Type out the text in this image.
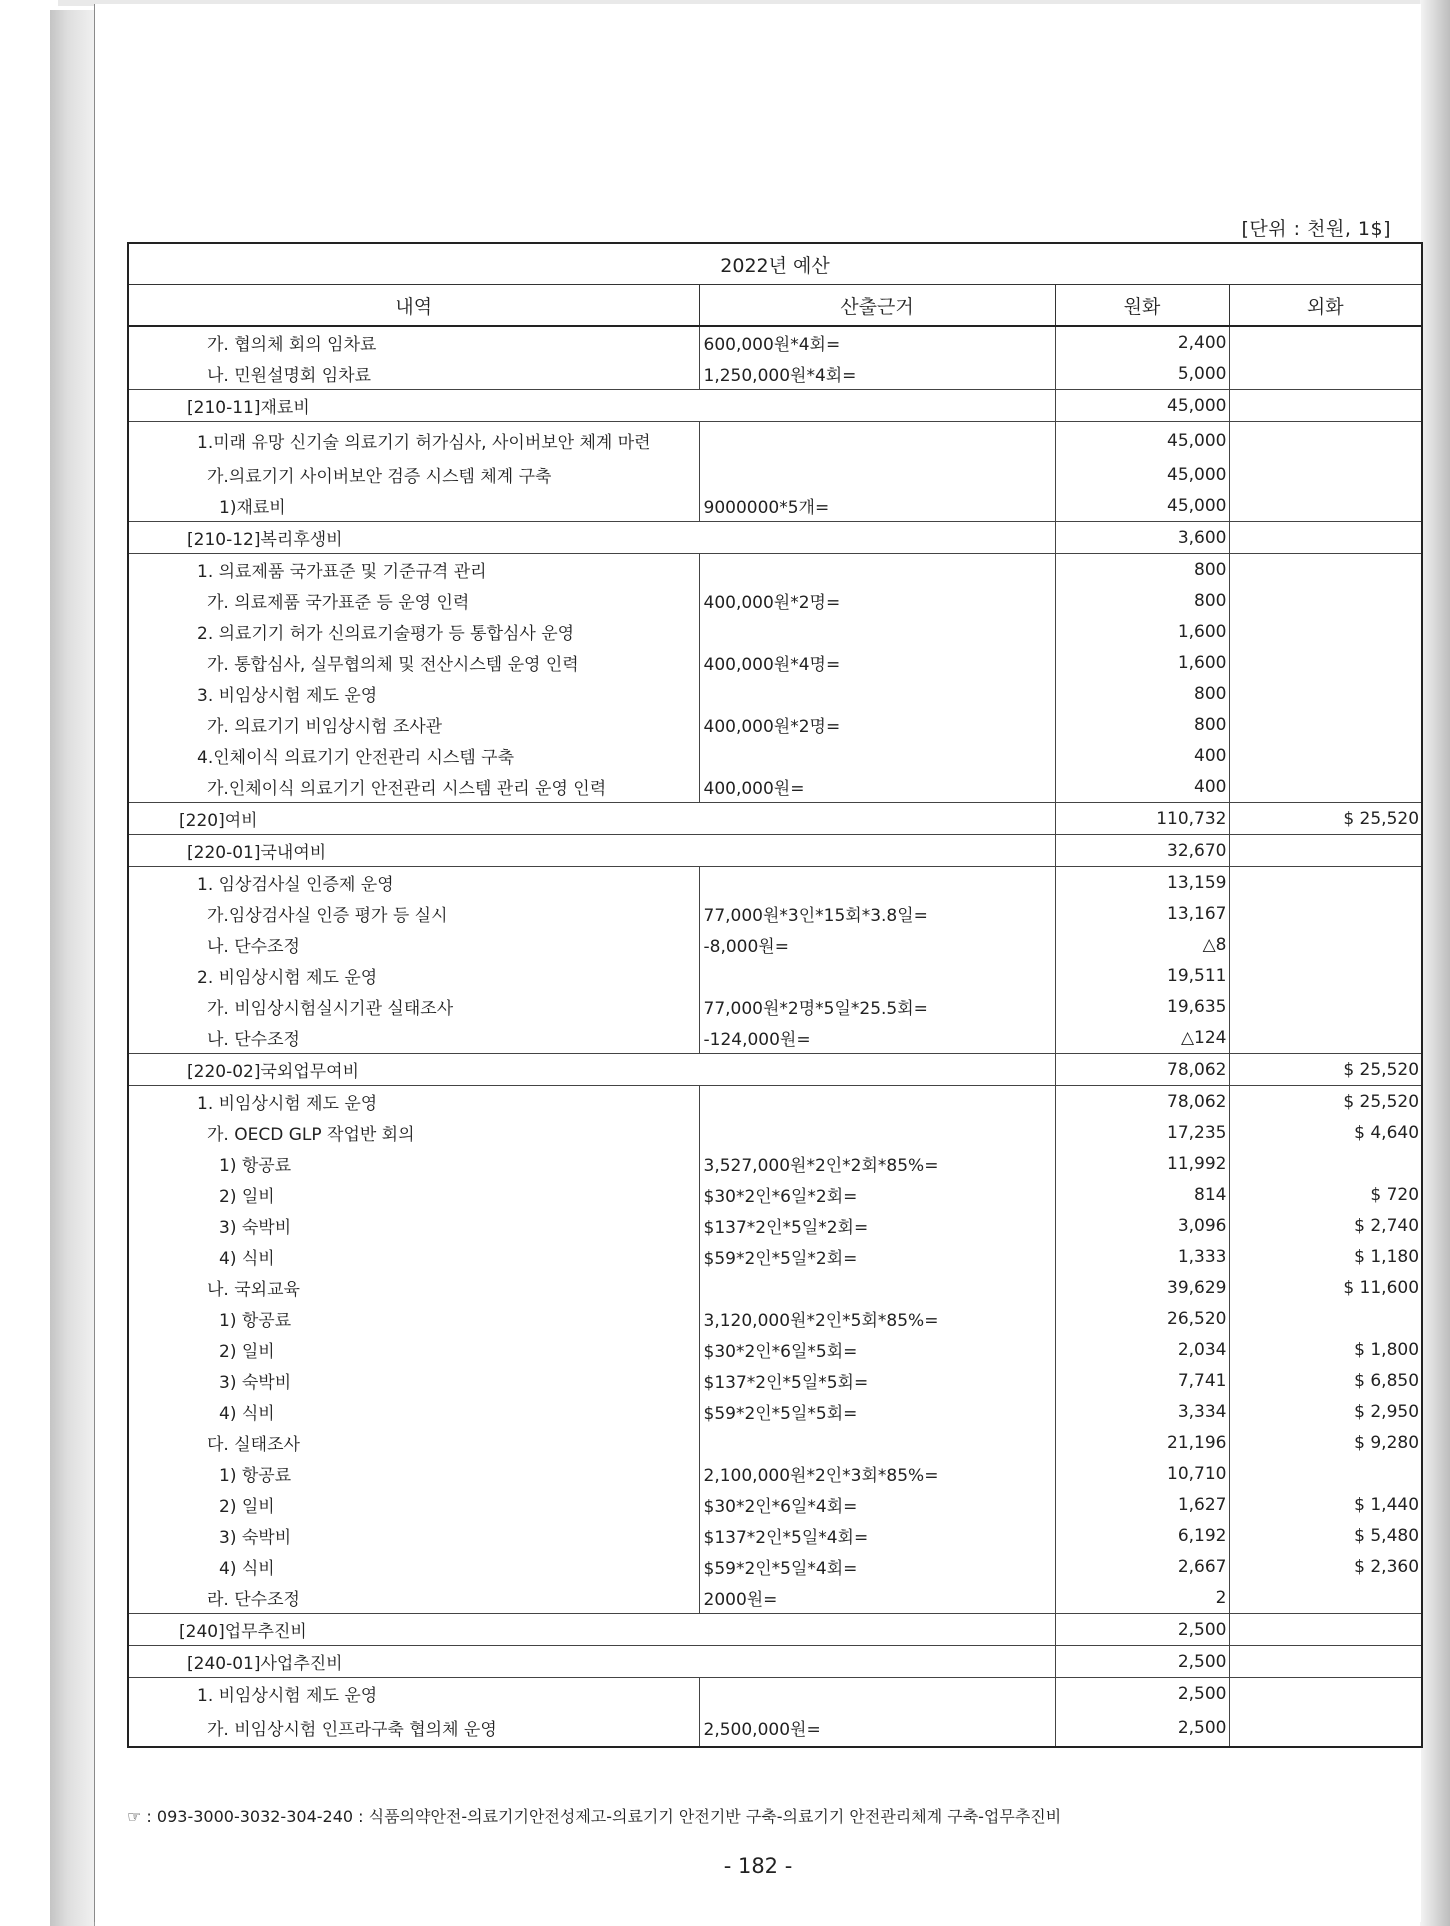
[단위 : 천원, 1$]
2022년 예산			
내역	산출근거	원화	외화
가. 협의체 회의 임차료	600,000원*4회=	2,400	
나. 민원설명회 임차료	1,250,000원*4회=	5,000	
[210-11]재료비		45,000	
1.미래 유망 신기술 의료기기 허가심사, 사이버보안 체계 마련		45,000	
가.의료기기 사이버보안 검증 시스템 체계 구축		45,000	
1)재료비	9000000*5개=	45,000	
[210-12]복리후생비		3,600	
1. 의료제품 국가표준 및 기준규격 관리		800	
가. 의료제품 국가표준 등 운영 인력	400,000원*2명=	800	
2. 의료기기 허가 신의료기술평가 등 통합심사 운영		1,600	
가. 통합심사, 실무협의체 및 전산시스템 운영 인력	400,000원*4명=	1,600	
3. 비임상시험 제도 운영		800	
가. 의료기기 비임상시험 조사관	400,000원*2명=	800	
4.인체이식 의료기기 안전관리 시스템 구축		400	
가.인체이식 의료기기 안전관리 시스템 관리 운영 인력	400,000원=	400	
[220]여비		110,732	$ 25,520
[220-01]국내여비		32,670	
1. 임상검사실 인증제 운영		13,159	
가.임상검사실 인증 평가 등 실시	77,000원*3인*15회*3.8일=	13,167	
나. 단수조정	-8,000원=	△8	
2. 비임상시험 제도 운영		19,511	
가. 비임상시험실시기관 실태조사	77,000원*2명*5일*25.5회=	19,635	
나. 단수조정	-124,000원=	△124	
[220-02]국외업무여비		78,062	$ 25,520
1. 비임상시험 제도 운영		78,062	$ 25,520
가. OECD GLP 작업반 회의		17,235	$ 4,640
1) 항공료	3,527,000원*2인*2회*85%=	11,992	
2) 일비	$30*2인*6일*2회=	814	$ 720
3) 숙박비	$137*2인*5일*2회=	3,096	$ 2,740
4) 식비	$59*2인*5일*2회=	1,333	$ 1,180
나. 국외교육		39,629	$ 11,600
1) 항공료	3,120,000원*2인*5회*85%=	26,520	
2) 일비	$30*2인*6일*5회=	2,034	$ 1,800
3) 숙박비	$137*2인*5일*5회=	7,741	$ 6,850
4) 식비	$59*2인*5일*5회=	3,334	$ 2,950
다. 실태조사		21,196	$ 9,280
1) 항공료	2,100,000원*2인*3회*85%=	10,710	
2) 일비	$30*2인*6일*4회=	1,627	$ 1,440
3) 숙박비	$137*2인*5일*4회=	6,192	$ 5,480
4) 식비	$59*2인*5일*4회=	2,667	$ 2,360
라. 단수조정	2000원=	2	
[240]업무추진비		2,500	
[240-01]사업추진비		2,500	
1. 비임상시험 제도 운영		2,500	
가. 비임상시험 인프라구축 협의체 운영	2,500,000원=	2,500	
☞ : 093-3000-3032-304-240 : 식품의약안전-의료기기안전성제고-의료기기 안전기반 구축-의료기기 안전관리체계 구축-업무추진비
- 182 -
